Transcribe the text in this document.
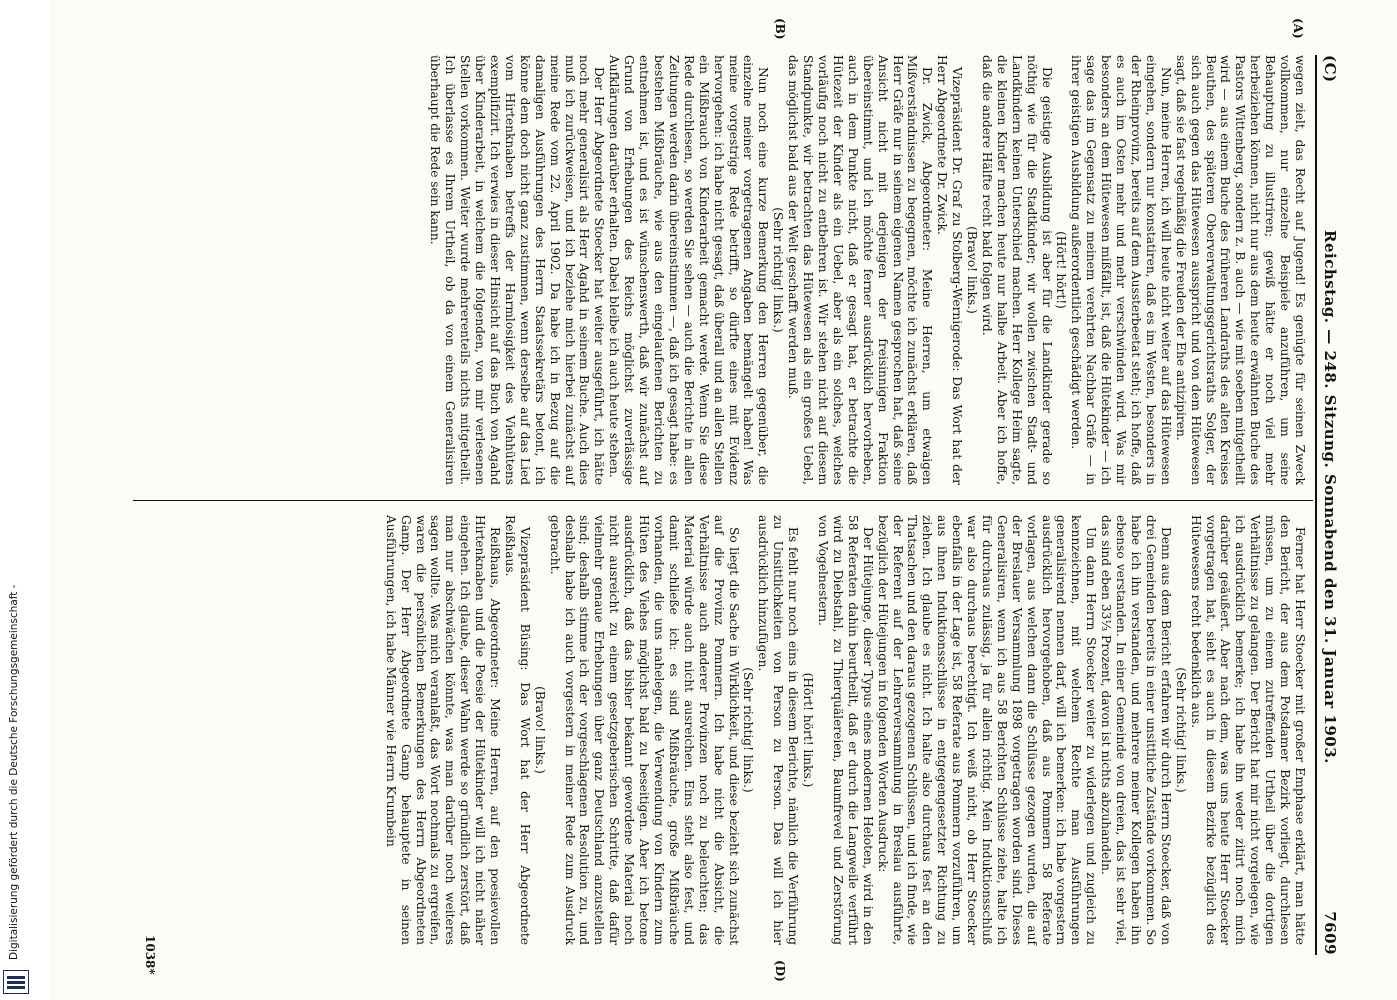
Digitalisierung gefördert durch die Deutsche Forschungsgemeinschaft -
(C)
Reichstag. — 248. Sitzung. Sonnabend den 31. Januar 1903.
7609
(A)
(B)
(D)

wegen zielt, das Recht auf Jugend! Es genügte für seinen Zweck vollkommen, nur einzelne Beispiele anzuführen, um seine Behauptung zu illustriren; gewiß hätte er noch viel mehr herbeiziehen können, nicht nur aus dem heute erwähnten Buche des Pastors Wittenberg, sondern z. B. auch — wie mit soeben mitgetheilt wird — aus einem Buche des früheren Landraths des alten Kreises Beuthen, des späteren Oberverwaltungsgerichtsraths Solger, der sich auch gegen das Hütewesen ausspricht und von dem Hütewesen sagt, daß sie fast regelmäßig die Freuden der Ehe antizipiren.

Nun, meine Herren, ich will heute nicht weiter auf das Hütewesen eingehen, sondern nur konstatiren, daß es im Westen, besonders in der Rheinprovinz, bereits auf dem Aussterbeetat steht; ich hoffe, daß es auch im Osten mehr und mehr verschwinden wird. Was mir besonders an dem Hütewesen mißfällt, ist, daß die Hütekinder — ich sage das im Gegensatz zu meinem verehrten Nachbar Gräfe — in ihrer geistigen Ausbildung außerordentlich geschädigt werden.

(Hört! hört!)

Die geistige Ausbildung ist aber für die Landkinder gerade so nöthig wie für die Stadtkinder; wir wollen zwischen Stadt- und Landkindern keinen Unterschied machen. Herr Kollege Heim sagte, die kleinen Kinder machen heute nur halbe Arbeit. Aber ich hoffe, daß die andere Hälfte recht bald folgen wird.

(Bravo! links.)

Vizepräsident Dr. Graf zu Stolberg-Wernigerode: Das Wort hat der Herr Abgeordnete Dr. Zwick.

Dr. Zwick, Abgeordneter: Meine Herren, um etwaigen Mißverständnissen zu begegnen, möchte ich zunächst erklären, daß Herr Gräfe nur in seinem eigenen Namen gesprochen hat, daß seine Ansicht nicht mit derjenigen der freisinnigen Fraktion übereinstimmt, und ich möchte ferner ausdrücklich hervorheben, auch in dem Punkte nicht, daß er gesagt hat, er betrachte die Hütezeit der Kinder als ein Uebel, aber als ein solches, welches vorläufig noch nicht zu entbehren ist. Wir stehen nicht auf diesem Standpunkte, wir betrachten das Hütewesen als ein großes Uebel, das möglichst bald aus der Welt geschafft werden muß.

(Sehr richtig! links.)

Nun noch eine kurze Bemerkung den Herren gegenüber, die einzelne meiner vorgetragenen Angaben bemängelt haben! Was meine vorgestrige Rede betrifft, so dürfte eines mit Evidenz hervorgehen: ich habe nicht gesagt, daß überall und an allen Stellen ein Mißbrauch von Kinderarbeit gemacht werde. Wenn Sie diese Rede durchlesen, so werden Sie sehen — auch die Berichte in allen Zeitungen werden darin übereinstimmen —, daß ich gesagt habe: es bestehen Mißbräuche, wie aus den eingelaufenen Berichten zu entnehmen ist, und es ist wünschenswerth, daß wir zunächst auf Grund von Erhebungen des Reichs möglichst zuverlässige Aufklärungen darüber erhalten. Dabei bleibe ich auch heute stehen.

Der Herr Abgeordnete Stoecker hat weiter ausgeführt, ich hätte noch mehr generalisirt als Herr Agahd in seinem Buche. Auch dies muß ich zurückweisen, und ich beziehe mich hierbei zunächst auf meine Rede vom 22. April 1902. Da habe ich in Bezug auf die damaligen Ausführungen des Herrn Staatssekretärs betont, ich könne dem doch nicht ganz zustimmen, wenn derselbe auf das Lied vom Hirtenknaben betreffs der Harmlosigkeit des Viehhütens exemplifizirt. Ich verwies in dieser Hinsicht auf das Buch von Agahd über Kinderarbeit, in welchem die folgenden, von mir verlesenen Stellen vorkommen. Weiter wurde mehrerenteils nichts mitgetheilt. Ich überlasse es Ihrem Urtheil, ob da von einem Generalisiren überhaupt die Rede sein kann.

Ferner hat Herr Stoecker mit großer Emphase erklärt, man hätte den Bericht, der aus dem Potsdamer Bezirk vorliegt, durchlesen müssen, um zu einem zutreffenden Urtheil über die dortigen Verhältnisse zu gelangen. Der Bericht hat mir nicht vorgelegen, wie ich ausdrücklich bemerke; ich habe ihn weder zitirt noch mich darüber geäußert. Aber nach dem, was uns heute Herr Stoecker vorgetragen hat, sieht es auch in diesem Bezirke bezüglich des Hütewesens recht bedenklich aus.

(Sehr richtig! links.)

Denn aus dem Bericht erfahren wir durch Herrn Stoecker, daß von drei Gemeinden bereits in einer unsittliche Zustände vorkommen. So habe ich ihn verstanden, und mehrere meiner Kollegen haben ihn ebenso verstanden. In einer Gemeinde von dreien, das ist sehr viel, das sind eben 33⅓ Prozent, davon ist nichts abzuhandeln.

Um dann Herrn Stoecker weiter zu widerlegen und zugleich zu kennzeichnen, mit welchem Rechte man Ausführungen generalisirend nennen darf, will ich bemerken: ich habe vorgestern ausdrücklich hervorgehoben, daß aus Pommern 58 Referate vorlagen, aus welchen dann die Schlüsse gezogen wurden, die auf der Breslauer Versammlung 1898 vorgetragen worden sind. Dieses Generalisiren, wenn ich aus 58 Berichten Schlüsse ziehe, halte ich für durchaus zulässig, ja für allein richtig. Mein Induktionsschluß war also durchaus berechtigt. Ich weiß nicht, ob Herr Stoecker ebenfalls in der Lage ist, 58 Referate aus Pommern vorzuführen, um aus ihnen Induktionsschlüsse in entgegengesetzter Richtung zu ziehen. Ich glaube es nicht. Ich halte also durchaus fest an den Thatsachen und den daraus gezogenen Schlüssen, und ich finde, wie der Referent auf der Lehrerversammlung in Breslau ausführte, bezüglich der Hütejungen in folgenden Worten Ausdruck:

Der Hütejunge, dieser Typus eines modernen Heloten, wird in den 58 Referaten dahin beurtheilt, daß er durch die Langweile verführt wird zu Diebstahl, zu Thierquälereien, Baumfrevel und Zerstörung von Vogelnestern.

(Hört! hört! links.)

Es fehlt nur noch eins in diesem Berichte, nämlich die Verführung zu Unsittlichkeiten von Person zu Person. Das will ich hier ausdrücklich hinzufügen.

(Sehr richtig! links.)

So liegt die Sache in Wirklichkeit, und diese bezieht sich zunächst auf die Provinz Pommern. Ich habe nicht die Absicht, die Verhältnisse auch anderer Provinzen noch zu beleuchten; das Material würde auch nicht ausreichen. Eins steht also fest, und damit schließe ich: es sind Mißbräuche, große Mißbräuche vorhanden, die uns nahelegen, die Verwendung von Kindern zum Hüten des Viehes möglichst bald zu beseitigen. Aber ich betone ausdrücklich, daß das bisher bekannt gewordene Material noch nicht ausreicht zu einem gesetzgeberischen Schritte, daß dafür vielmehr genaue Erhebungen über ganz Deutschland anzustellen sind; deshalb stimme ich der vorgeschlagenen Resolution zu, und deshalb habe ich auch vorgestern in meiner Rede zum Ausdruck gebracht.

(Bravo! links.)

Vizepräsident Büsing: Das Wort hat der Herr Abgeordnete Reißhaus.

Reißhaus, Abgeordneter: Meine Herren, auf den poesievollen Hirtenknaben und die Poesie der Hütekinder will ich nicht näher eingehen. Ich glaube, dieser Wahn werde so gründlich zerstört, daß man nur abschwächen könnte, was man darüber noch weiteres sagen wollte. Was mich veranlaßt, das Wort nochmals zu ergreifen, waren die persönlichen Bemerkungen des Herrn Abgeordneten Gamp. Der Herr Abgeordnete Gamp behauptete in seinen Ausführungen, ich habe Männer wie Herrn Krumbein

1038*
